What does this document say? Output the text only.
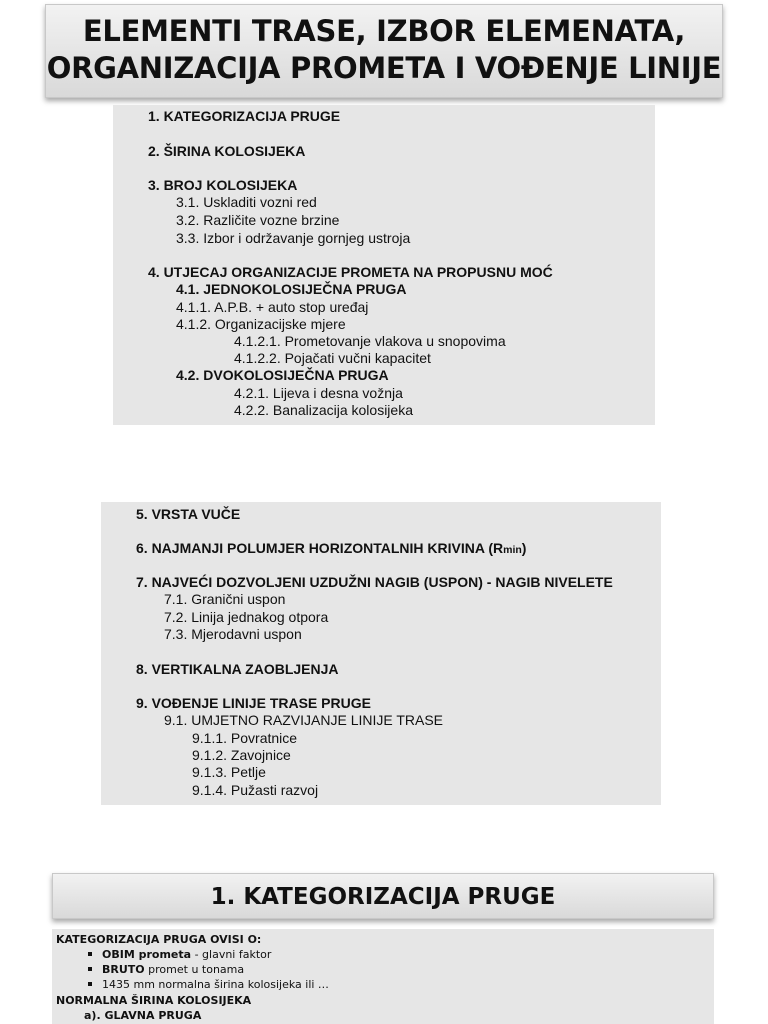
ELEMENTI TRASE, IZBOR ELEMENATA,
ORGANIZACIJA PROMETA I VOĐENJE LINIJE
1. KATEGORIZACIJA PRUGE
2. ŠIRINA KOLOSIJEKA
3. BROJ KOLOSIJEKA
3.1. Uskladiti vozni red
3.2. Različite vozne brzine
3.3. Izbor i održavanje gornjeg ustroja
4. UTJECAJ ORGANIZACIJE PROMETA NA PROPUSNU MOĆ
4.1. JEDNOKOLOSIJEČNA PRUGA
4.1.1. A.P.B. + auto stop uređaj
4.1.2. Organizacijske mjere
4.1.2.1. Prometovanje vlakova u snopovima
4.1.2.2. Pojačati vučni kapacitet
4.2. DVOKOLOSIJEČNA PRUGA
4.2.1. Lijeva i desna vožnja
4.2.2. Banalizacija kolosijeka
5. VRSTA VUČE
6. NAJMANJI POLUMJER HORIZONTALNIH KRIVINA (Rmin)
7. NAJVEĆI DOZVOLJENI UZDUŽNI NAGIB (USPON) - NAGIB NIVELETE
7.1. Granični uspon
7.2. Linija jednakog otpora
7.3. Mjerodavni uspon
8. VERTIKALNA ZAOBLJENJA
9. VOĐENJE LINIJE TRASE PRUGE
9.1. UMJETNO RAZVIJANJE LINIJE TRASE
9.1.1. Povratnice
9.1.2. Zavojnice
9.1.3. Petlje
9.1.4. Pužasti razvoj
1. KATEGORIZACIJA PRUGE
KATEGORIZACIJA PRUGA OVISI O:
OBIM prometa - glavni faktor
BRUTO promet u tonama
1435 mm normalna širina kolosijeka ili …
NORMALNA ŠIRINA KOLOSIJEKA
a). GLAVNA PRUGA
